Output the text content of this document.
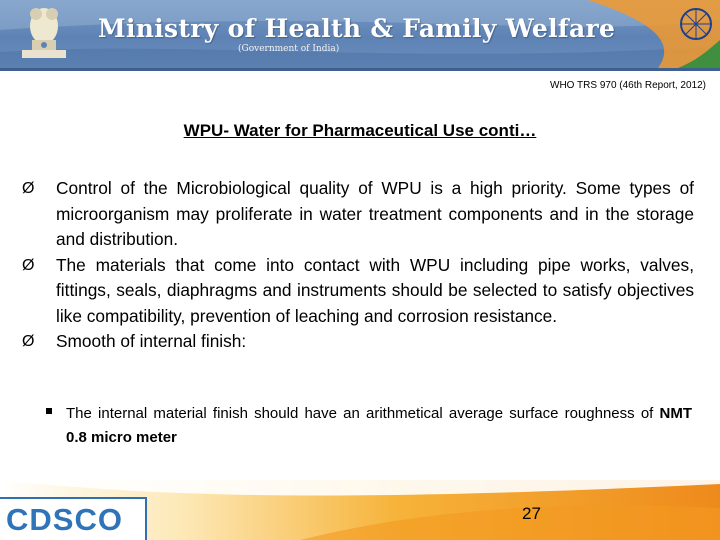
Ministry of Health & Family Welfare
(Government of India)
WHO TRS 970 (46th Report, 2012)
WPU- Water for Pharmaceutical Use conti…
Ø	Control of the Microbiological quality of WPU is a high priority. Some types of microorganism may proliferate in water treatment components and in the storage and distribution.
Ø	The materials that come into contact with WPU including pipe works, valves, fittings, seals, diaphragms and instruments should be selected to satisfy objectives like compatibility, prevention of leaching and corrosion resistance.
Ø	Smooth of internal finish:
The internal material finish should have an arithmetical average surface roughness of NMT 0.8 micro meter
CDSCO	27
